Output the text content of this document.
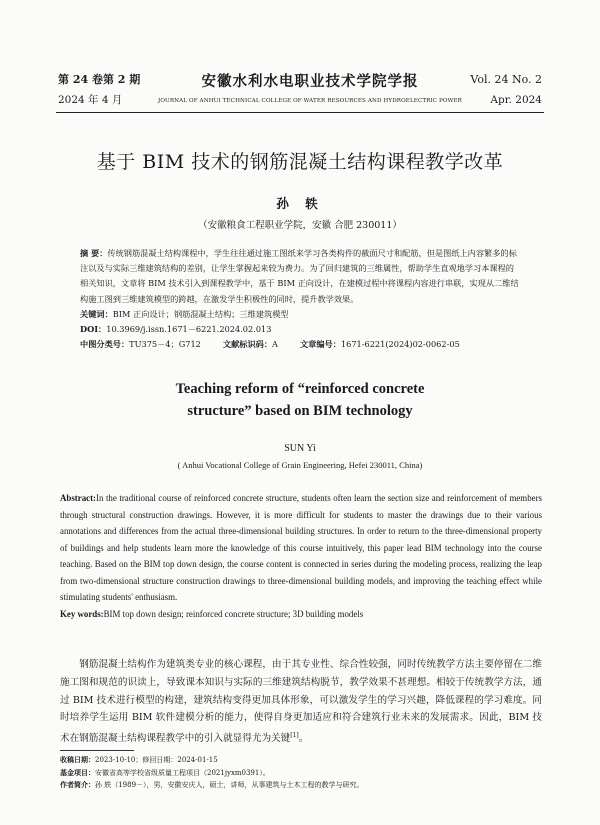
第 24 卷第 2 期
2024 年 4 月
安徽水利水电职业技术学院学报
JOURNAL OF ANHUI TECHNICAL COLLEGE OF WATER RESOURCES AND HYDROELECTRIC POWER
Vol. 24 No. 2
Apr. 2024
基于 BIM 技术的钢筋混凝土结构课程教学改革
孙 轶
（安徽粮食工程职业学院，安徽 合肥 230011）

摘 要：传统钢筋混凝土结构课程中，学生往往通过施工图纸来学习各类构件的截面尺寸和配筋，但是图纸上内容繁多的标注以及与实际三维建筑结构的差别，让学生掌握起来较为费力。为了回归建筑的三维属性，帮助学生直观地学习本课程的相关知识，文章将 BIM 技术引入到课程教学中，基于 BIM 正向设计，在建模过程中将课程内容进行串联，实现从二维结构施工图到三维建筑模型的跨越，在激发学生积极性的同时，提升教学效果。

关键词：BIM 正向设计；钢筋混凝土结构；三维建筑模型

DOI：10.3969/j.issn.1671－6221.2024.02.013

中图分类号：TU375－4；G712	文献标识码：A	文章编号：1671-6221(2024)02-0062-05

Teaching reform of “reinforced concrete
structure” based on BIM technology
SUN Yi
( Anhui Vocational College of Grain Engineering, Hefei 230011, China)

Abstract:In the traditional course of reinforced concrete structure, students often learn the section size and reinforcement of members through structural construction drawings. However, it is more difficult for students to master the drawings due to their various annotations and differences from the actual three-dimensional building structures. In order to return to the three-dimensional property of buildings and help students learn more the knowledge of this course intuitively, this paper lead BIM technology into the course teaching. Based on the BIM top down design, the course content is connected in series during the modeling process, realizing the leap from two-dimensional structure construction drawings to three-dimensional building models, and improving the teaching effect while stimulating students' enthusiasm.

Key words:BIM top down design; reinforced concrete structure; 3D building models

钢筋混凝土结构作为建筑类专业的核心课程，由于其专业性、综合性较强，同时传统教学方法主要停留在二维施工图和规范的识读上，导致课本知识与实际的三维建筑结构脱节，教学效果不甚理想。相较于传统教学方法，通过 BIM 技术进行模型的构建，建筑结构变得更加具体形象，可以激发学生的学习兴趣，降低课程的学习难度。同时培养学生运用 BIM 软件建模分析的能力，使得自身更加适应和符合建筑行业未来的发展需求。因此，BIM 技术在钢筋混凝土结构课程教学中的引入就显得尤为关键[1]。

收稿日期：2023-10-10；修回日期：2024-01-15

基金项目：安徽省高等学校省级质量工程项目（2021jyxm0391）。

作者简介：孙 轶（1989－），男，安徽安庆人，硕士，讲师，从事建筑与土木工程的教学与研究。
